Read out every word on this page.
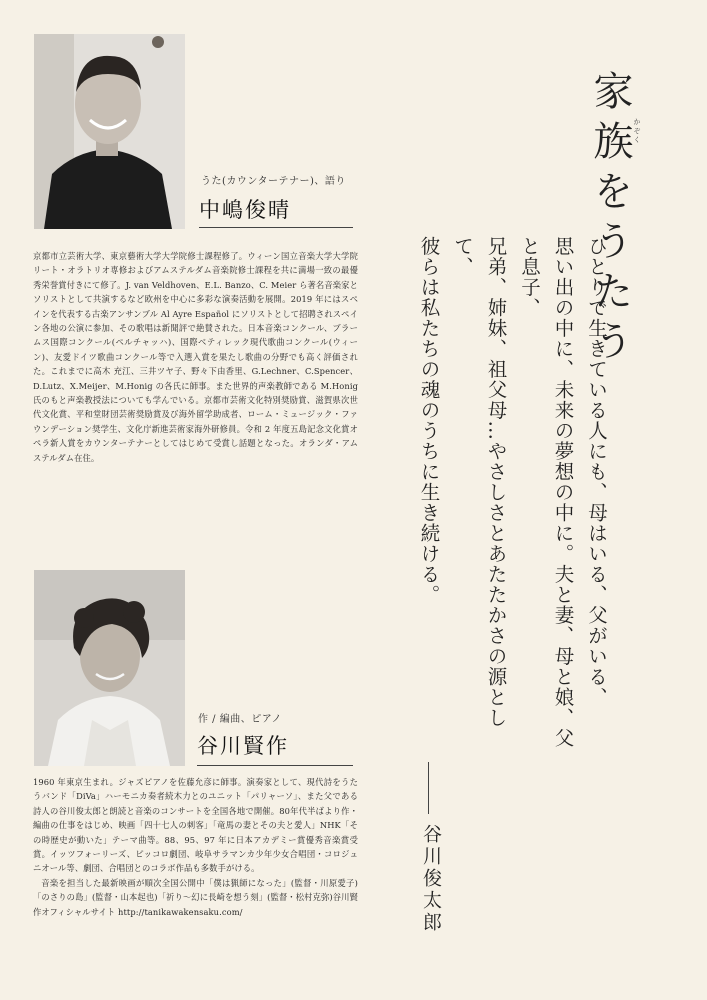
うた(カウンターテナー)、語り
中嶋俊晴
京都市立芸術大学、東京藝術大学大学院修士課程修了。ウィーン国立音楽大学大学院リート・オラトリオ専修およびアムステルダム音楽院修士課程を共に満場一致の最優秀栄誉賞付きにて修了。J. van Veldhoven、E.L. Banzo、C. Meier ら著名音楽家とソリストとして共演するなど欧州を中心に多彩な演奏活動を展開。2019 年にはスペインを代表する古楽アンサンブル Al Ayre Español にソリストとして招聘されスペイン各地の公演に参加、その歌唱は新聞評で絶賛された。日本音楽コンクール、ブラームス国際コンクール(ペルチャッハ)、国際ベティレック現代歌曲コンクール(ウィーン)、友愛ドイツ歌曲コンクール等で入選入賞を果たし歌曲の分野でも高く評価された。これまでに高木 充江、三井ツヤ子、野々下由香里、G.Lechner、C.Spencer、D.Lutz、X.Meijer、M.Honig の各氏に師事。また世界的声楽教師である M.Honig 氏のもと声楽教授法についても学んでいる。京都市芸術文化特別奨励賞、滋賀県次世代文化賞、平和堂財団芸術奨励賞及び海外留学助成者、ローム・ミュージック・ファウンデーション奨学生、文化庁新進芸術家海外研修員。令和 2 年度五島記念文化賞オペラ新人賞をカウンターテナーとしてはじめて受賞し話題となった。オランダ・アムステルダム在住。
作 / 編曲、ピアノ
谷川賢作
1960 年東京生まれ。ジャズピアノを佐藤允彦に師事。演奏家として、現代詩をうたうバンド「DiVa」ハーモニカ奏者続木力とのユニット「パリャーソ」、また父である詩人の谷川俊太郎と朗読と音楽のコンサートを全国各地で開催。80年代半ばより作・編曲の仕事をはじめ、映画「四十七人の刺客」「竜馬の妻とその夫と愛人」NHK「その時歴史が動いた」テーマ曲等。88、95、97 年に日本アカデミー賞優秀音楽賞受賞。イッツフォーリーズ、ピッコロ劇団、岐阜サラマンカ少年少女合唱団・コロジュニオール等、劇団、合唱団とのコラボ作品も多数手がける。
音楽を担当した最新映画が順次全国公開中「僕は猟師になった」(監督・川原愛子)「のさりの島」(監督・山本起也)「祈り〜幻に長崎を想う刻」(監督・松村克弥)谷川賢作オフィシャルサイト http://tanikawakensaku.com/
家族をうたう かぞく
ひとりで生きている人にも、母はいる、父がいる、
思い出の中に、未来の夢想の中に。夫と妻、母と娘、父と息子、
兄弟、姉妹、祖父母…やさしさとあたたかさの源として、
彼らは私たちの魂のうちに生き続ける。
谷川俊太郎
